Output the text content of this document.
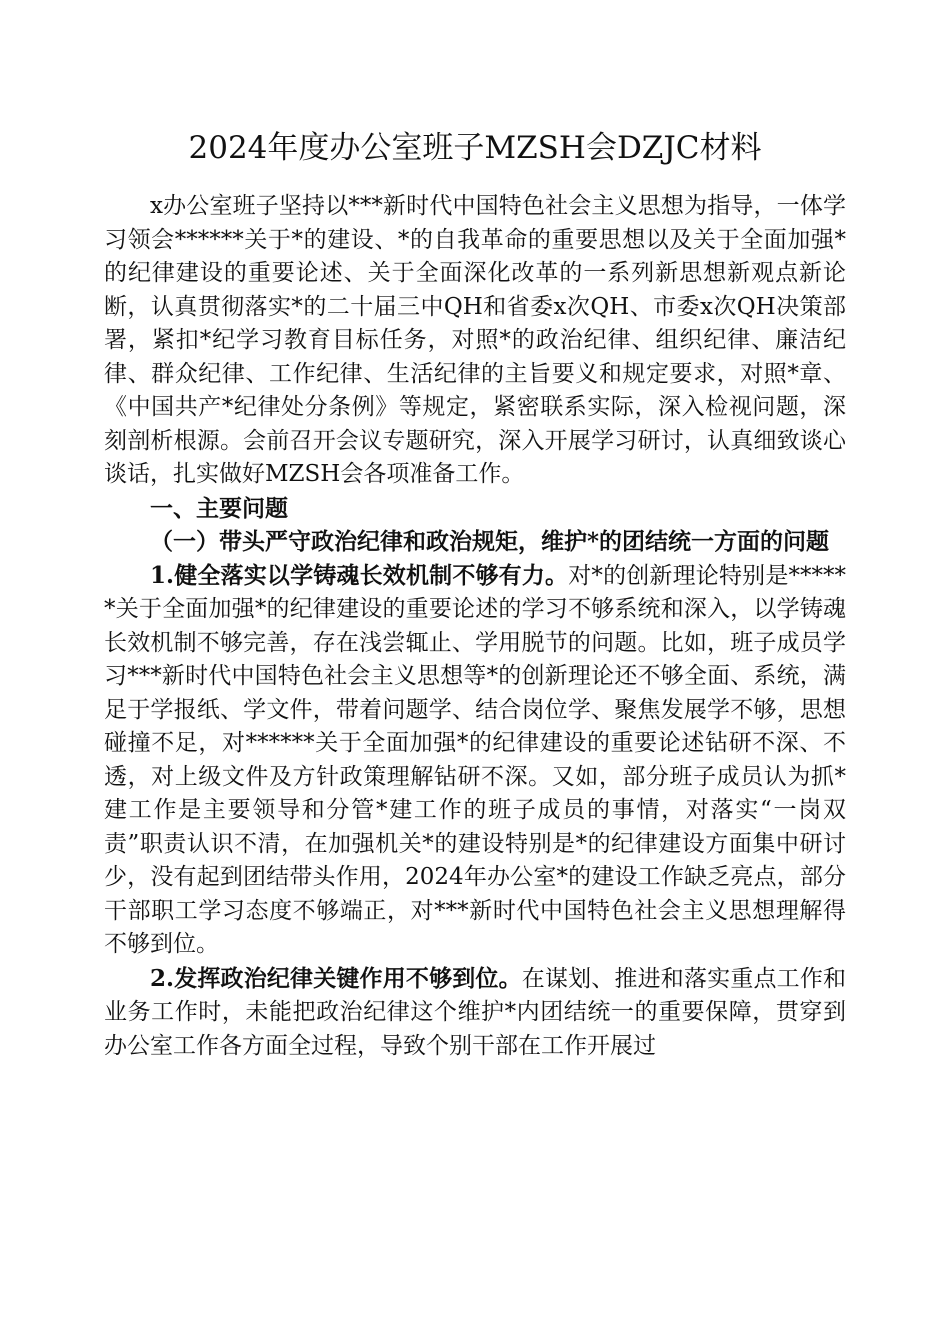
2024年度办公室班子MZSH会DZJC材料

x办公室班子坚持以***新时代中国特色社会主义思想为指导，一体学习领会******关于*的建设、*的自我革命的重要思想以及关于全面加强*的纪律建设的重要论述、关于全面深化改革的一系列新思想新观点新论断，认真贯彻落实*的二十届三中QH和省委x次QH、市委x次QH决策部署，紧扣*纪学习教育目标任务，对照*的政治纪律、组织纪律、廉洁纪律、群众纪律、工作纪律、生活纪律的主旨要义和规定要求，对照*章、《中国共产*纪律处分条例》等规定，紧密联系实际，深入检视问题，深刻剖析根源。会前召开会议专题研究，深入开展学习研讨，认真细致谈心谈话，扎实做好MZSH会各项准备工作。

一、主要问题

（一）带头严守政治纪律和政治规矩，维护*的团结统一方面的问题

1.健全落实以学铸魂长效机制不够有力。对*的创新理论特别是******关于全面加强*的纪律建设的重要论述的学习不够系统和深入，以学铸魂长效机制不够完善，存在浅尝辄止、学用脱节的问题。比如，班子成员学习***新时代中国特色社会主义思想等*的创新理论还不够全面、系统，满足于学报纸、学文件，带着问题学、结合岗位学、聚焦发展学不够，思想碰撞不足，对******关于全面加强*的纪律建设的重要论述钻研不深、不透，对上级文件及方针政策理解钻研不深。又如，部分班子成员认为抓*建工作是主要领导和分管*建工作的班子成员的事情，对落实“一岗双责”职责认识不清，在加强机关*的建设特别是*的纪律建设方面集中研讨少，没有起到团结带头作用，2024年办公室*的建设工作缺乏亮点，部分干部职工学习态度不够端正，对***新时代中国特色社会主义思想理解得不够到位。

2.发挥政治纪律关键作用不够到位。在谋划、推进和落实重点工作和业务工作时，未能把政治纪律这个维护*内团结统一的重要保障，贯穿到办公室工作各方面全过程，导致个别干部在工作开展过
